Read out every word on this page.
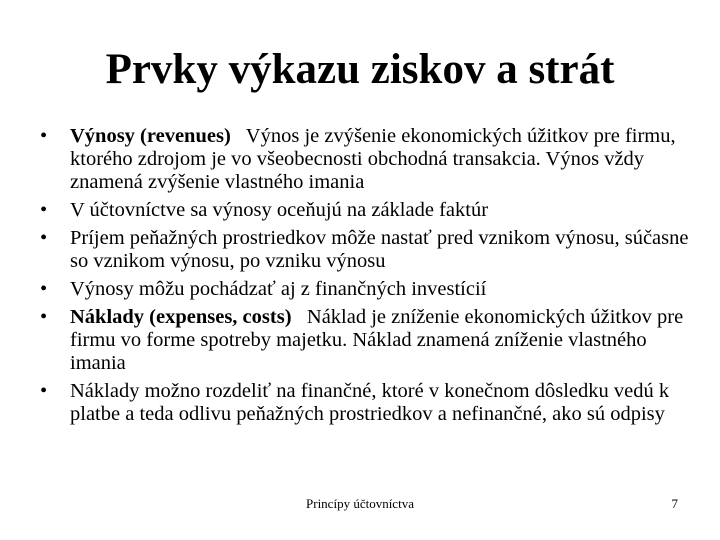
Prvky výkazu ziskov a strát
• Výnosy (revenues) Výnos je zvýšenie ekonomických úžitkov pre firmu, ktorého zdrojom je vo všeobecnosti obchodná transakcia. Výnos vždy znamená zvýšenie vlastného imania
• V účtovníctve sa výnosy oceňujú na základe faktúr
• Príjem peňažných prostriedkov môže nastať pred vznikom výnosu, súčasne so vznikom výnosu, po vzniku výnosu
• Výnosy môžu pochádzať aj z finančných investícií
• Náklady (expenses, costs) Náklad je zníženie ekonomických úžitkov pre firmu vo forme spotreby majetku. Náklad znamená zníženie vlastného imania
• Náklady možno rozdeliť na finančné, ktoré v konečnom dôsledku vedú k platbe a teda odlivu peňažných prostriedkov a nefinančné, ako sú odpisy
Princípy účtovníctva	7
